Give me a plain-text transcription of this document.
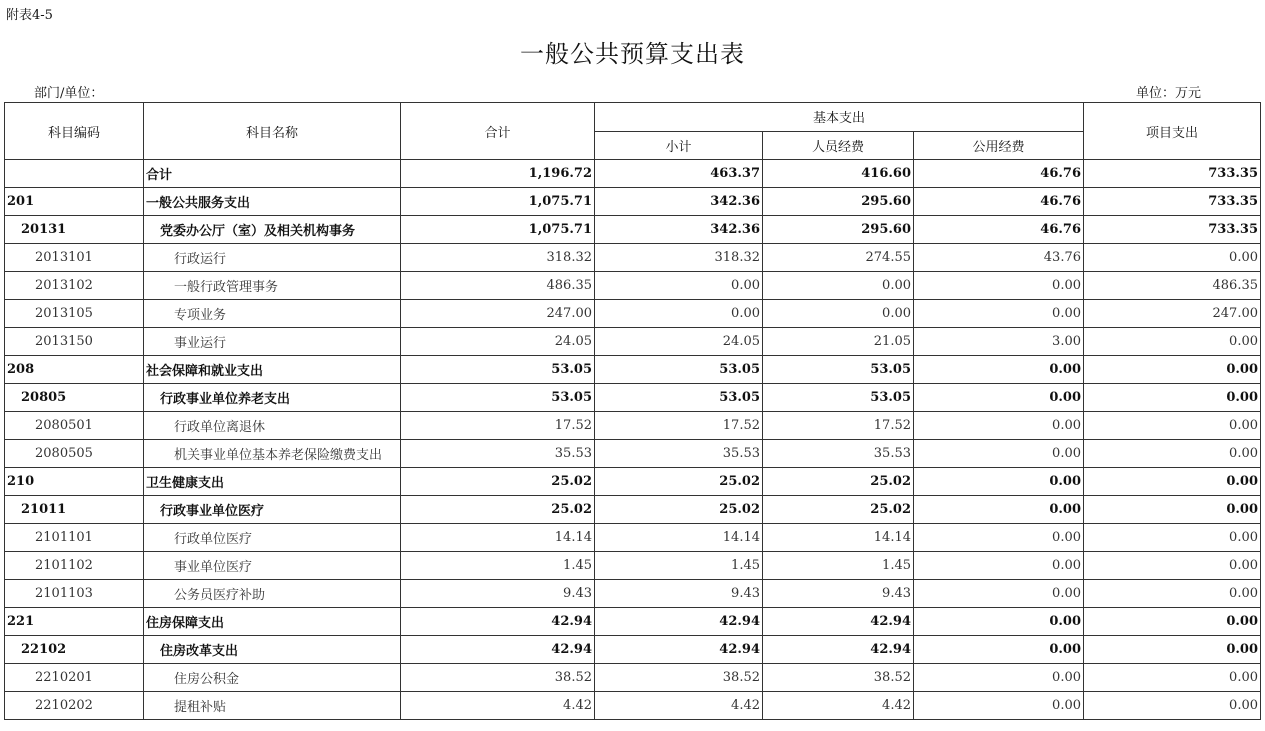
附表4-5
一般公共预算支出表
部门/单位：	单位：万元
科目编码	科目名称	合计	基本支出			项目支出
			小计	人员经费	公用经费	
	合计	1,196.72	463.37	416.60	46.76	733.35
201	一般公共服务支出	1,075.71	342.36	295.60	46.76	733.35
20131	党委办公厅（室）及相关机构事务	1,075.71	342.36	295.60	46.76	733.35
2013101	行政运行	318.32	318.32	274.55	43.76	0.00
2013102	一般行政管理事务	486.35	0.00	0.00	0.00	486.35
2013105	专项业务	247.00	0.00	0.00	0.00	247.00
2013150	事业运行	24.05	24.05	21.05	3.00	0.00
208	社会保障和就业支出	53.05	53.05	53.05	0.00	0.00
20805	行政事业单位养老支出	53.05	53.05	53.05	0.00	0.00
2080501	行政单位离退休	17.52	17.52	17.52	0.00	0.00
2080505	机关事业单位基本养老保险缴费支出	35.53	35.53	35.53	0.00	0.00
210	卫生健康支出	25.02	25.02	25.02	0.00	0.00
21011	行政事业单位医疗	25.02	25.02	25.02	0.00	0.00
2101101	行政单位医疗	14.14	14.14	14.14	0.00	0.00
2101102	事业单位医疗	1.45	1.45	1.45	0.00	0.00
2101103	公务员医疗补助	9.43	9.43	9.43	0.00	0.00
221	住房保障支出	42.94	42.94	42.94	0.00	0.00
22102	住房改革支出	42.94	42.94	42.94	0.00	0.00
2210201	住房公积金	38.52	38.52	38.52	0.00	0.00
2210202	提租补贴	4.42	4.42	4.42	0.00	0.00
